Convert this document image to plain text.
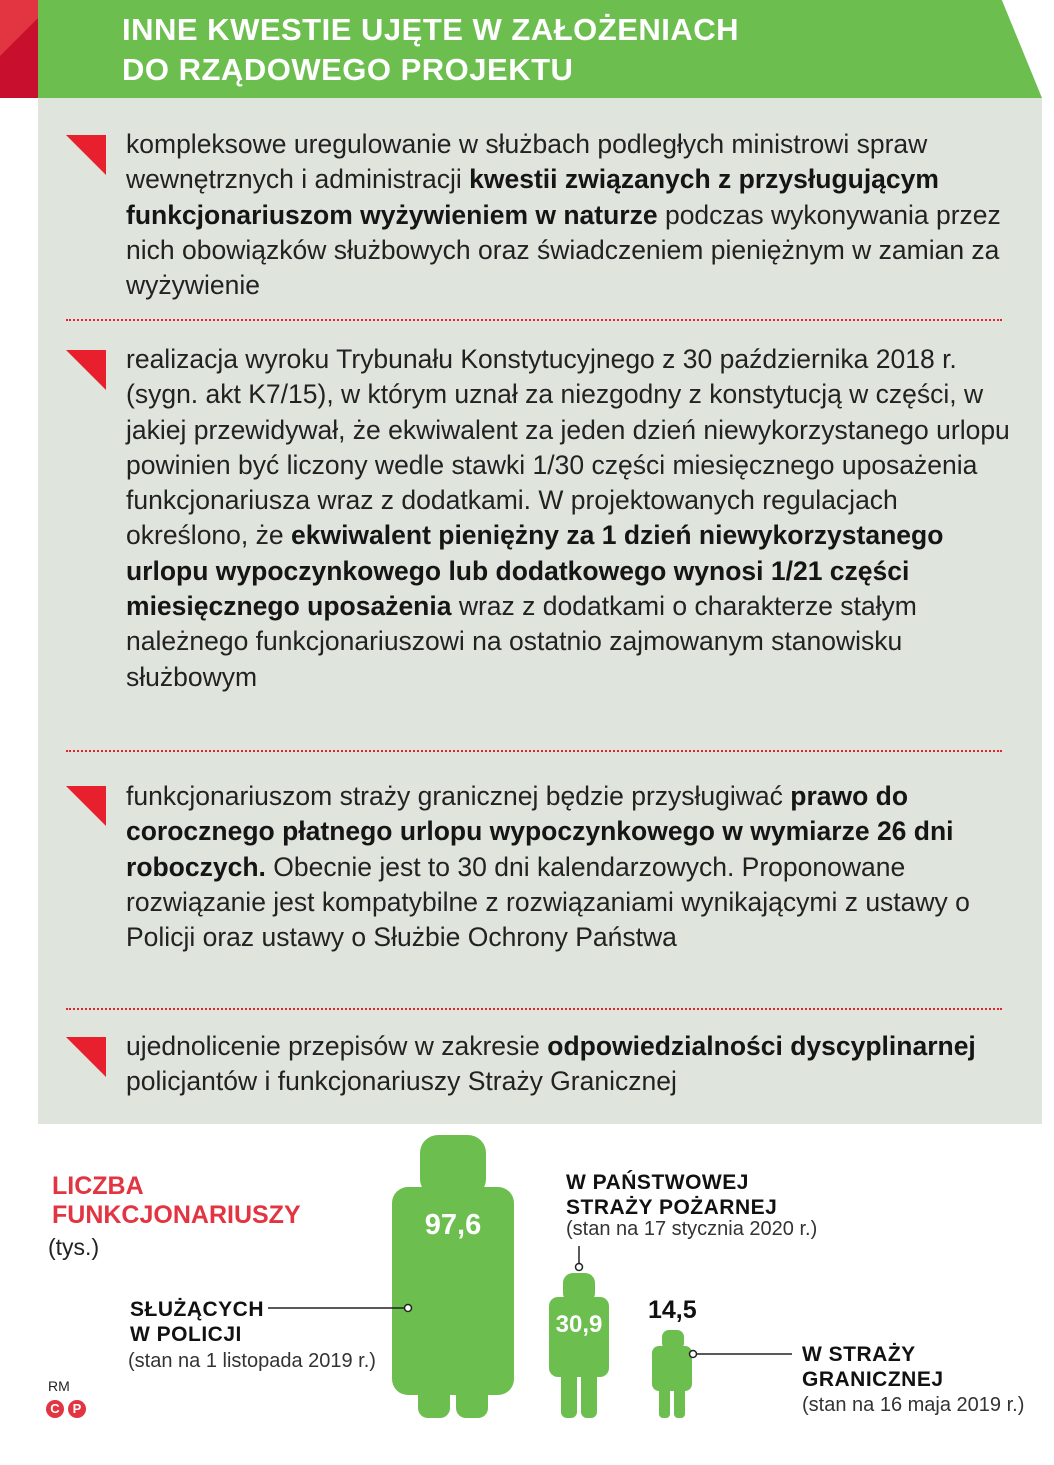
INNE KWESTIE UJĘTE W ZAŁOŻENIACH
DO RZĄDOWEGO PROJEKTU
kompleksowe uregulowanie w służbach podległych ministrowi spraw wewnętrznych i administracji kwestii związanych z przysługującym funkcjonariuszom wyżywieniem w naturze podczas wykonywania przez nich obowiązków służbowych oraz świadczeniem pieniężnym w zamian za wyżywienie
realizacja wyroku Trybunału Konstytucyjnego z 30 października 2018 r. (sygn. akt K7/15), w którym uznał za niezgodny z konstytucją w części, w jakiej przewidywał, że ekwiwalent za jeden dzień niewykorzystanego urlopu powinien być liczony wedle stawki 1/30 części miesięcznego uposażenia funkcjonariusza wraz z dodatkami. W projektowanych regulacjach określono, że ekwiwalent pieniężny za 1 dzień niewykorzystanego urlopu wypoczynkowego lub dodatkowego wynosi 1/21 części miesięcznego uposażenia wraz z dodatkami o charakterze stałym należnego funkcjonariuszowi na ostatnio zajmowanym stanowisku służbowym
funkcjonariuszom straży granicznej będzie przysługiwać prawo do corocznego płatnego urlopu wypoczynkowego w wymiarze 26 dni roboczych. Obecnie jest to 30 dni kalendarzowych. Proponowane rozwiązanie jest kompatybilne z rozwiązaniami wynikającymi z ustawy o Policji oraz ustawy o Służbie Ochrony Państwa
ujednolicenie przepisów w zakresie odpowiedzialności dyscyplinarnej policjantów i funkcjonariuszy Straży Granicznej
LICZBA
FUNKCJONARIUSZY
(tys.)
97,6
30,9
14,5
SŁUŻĄCYCH
W POLICJI
(stan na 1 listopada 2019 r.)
W PAŃSTWOWEJ
STRAŻY POŻARNEJ
(stan na 17 stycznia 2020 r.)
W STRAŻY
GRANICZNEJ
(stan na 16 maja 2019 r.)
RM
C P
